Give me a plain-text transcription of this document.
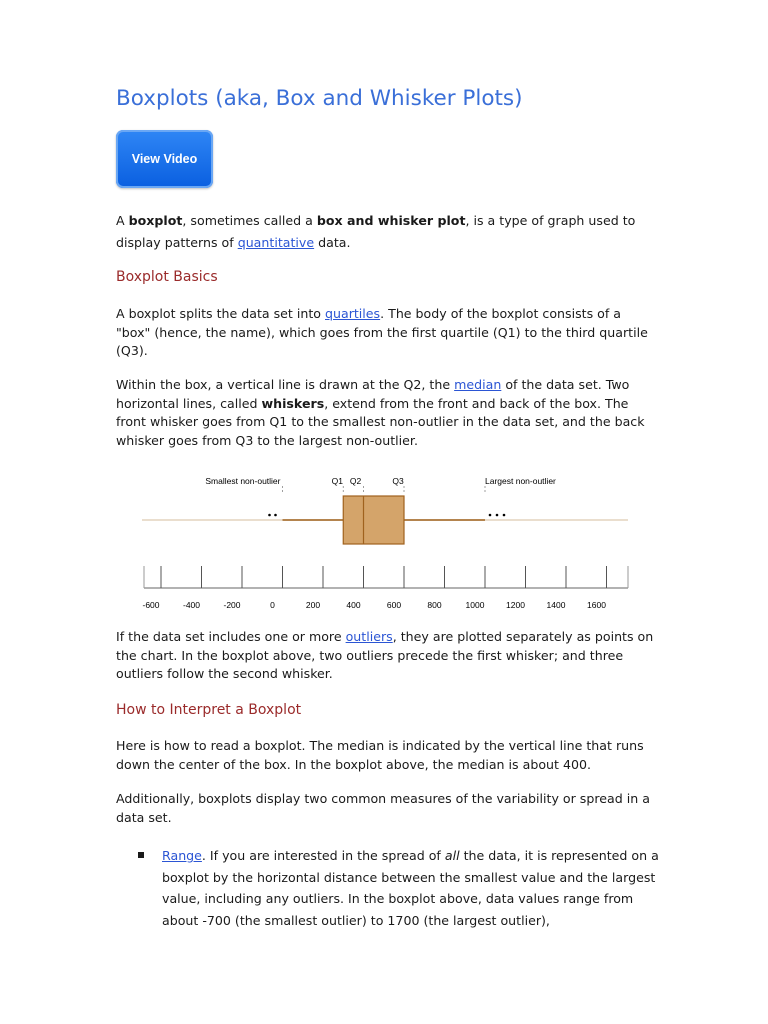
Boxplots (aka, Box and Whisker Plots)
View Video

A boxplot, sometimes called a box and whisker plot, is a type of graph used to display patterns of quantitative data.

Boxplot Basics

A boxplot splits the data set into quartiles. The body of the boxplot consists of a "box" (hence, the name), which goes from the first quartile (Q1) to the third quartile (Q3).

Within the box, a vertical line is drawn at the Q2, the median of the data set. Two horizontal lines, called whiskers, extend from the front and back of the box. The front whisker goes from Q1 to the smallest non-outlier in the data set, and the back whisker goes from Q3 to the largest non-outlier.

If the data set includes one or more outliers, they are plotted separately as points on the chart. In the boxplot above, two outliers precede the first whisker; and three outliers follow the second whisker.

How to Interpret a Boxplot

Here is how to read a boxplot. The median is indicated by the vertical line that runs down the center of the box. In the boxplot above, the median is about 400.

Additionally, boxplots display two common measures of the variability or spread in a data set.

Range. If you are interested in the spread of all the data, it is represented on a boxplot by the horizontal distance between the smallest value and the largest value, including any outliers. In the boxplot above, data values range from about -700 (the smallest outlier) to 1700 (the largest outlier),

Smallest non-outlier	Q1 Q2	Q3	Largest non-outlier
-600	-400	-200	0	200	400	600	800	1000	1200	1400	1600
